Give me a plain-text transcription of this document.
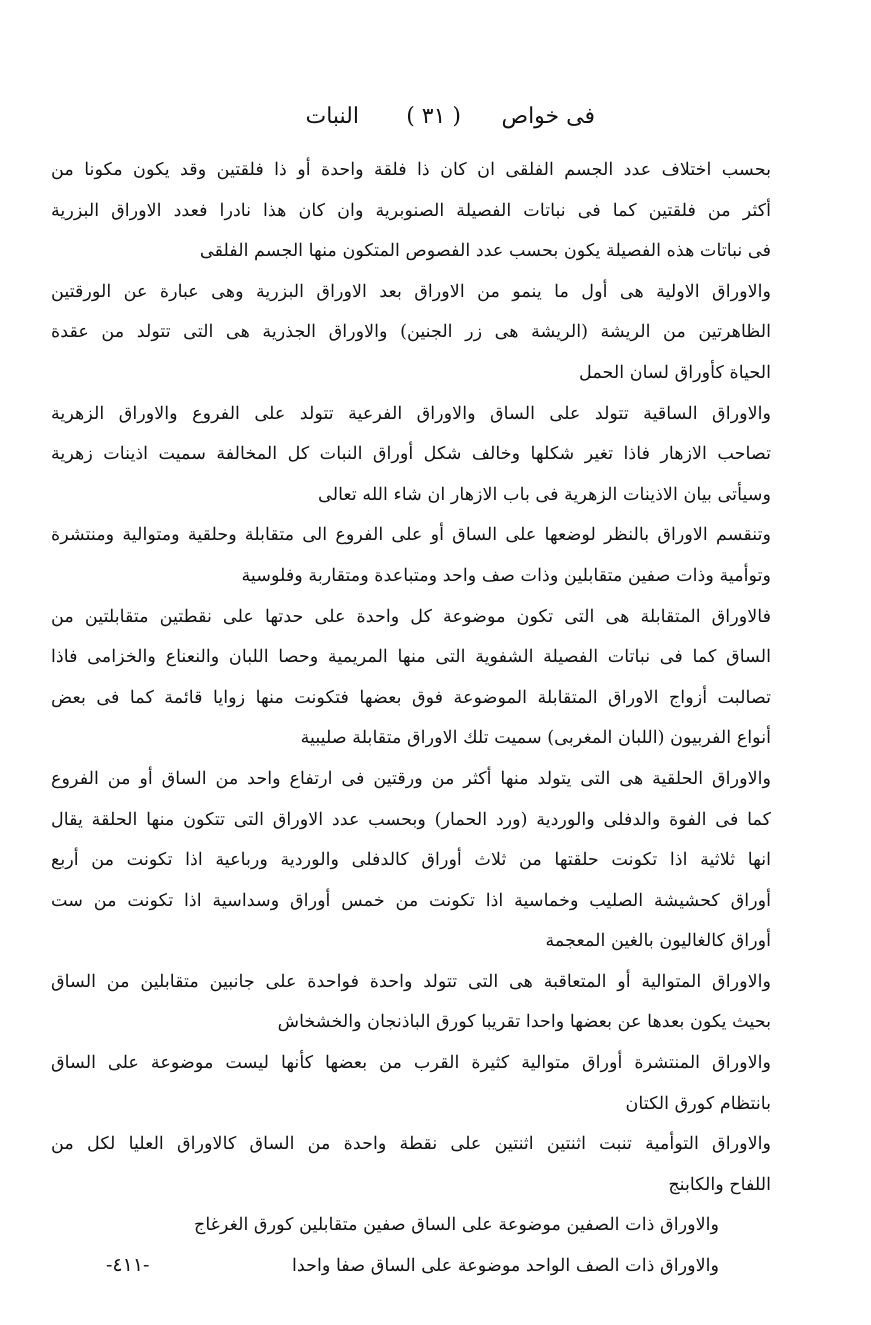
النبات ( ٣١ ) فى خواص
بحسب اختلاف عدد الجسم الفلقى ان كان ذا فلقة واحدة أو ذا فلقتين وقد يكون مكونا من
أكثر من فلقتين كما فى نباتات الفصيلة الصنوبرية وان كان هذا نادرا فعدد الاوراق البزرية
فى نباتات هذه الفصيلة يكون بحسب عدد الفصوص المتكون منها الجسم الفلقى
والاوراق الاولية هى أول ما ينمو من الاوراق بعد الاوراق البزرية وهى عبارة عن الورقتين
الظاهرتين من الريشة (الريشة هى زر الجنين) والاوراق الجذرية هى التى تتولد من عقدة
الحياة كأوراق لسان الحمل
والاوراق الساقية تتولد على الساق والاوراق الفرعية تتولد على الفروع والاوراق الزهرية
تصاحب الازهار فاذا تغير شكلها وخالف شكل أوراق النبات كل المخالفة سميت اذينات زهرية
وسيأتى بيان الاذينات الزهرية فى باب الازهار ان شاء الله تعالى
وتنقسم الاوراق بالنظر لوضعها على الساق أو على الفروع الى متقابلة وحلقية ومتوالية ومنتشرة
وتوأمية وذات صفين متقابلين وذات صف واحد ومتباعدة ومتقاربة وفلوسية
فالاوراق المتقابلة هى التى تكون موضوعة كل واحدة على حدتها على نقطتين متقابلتين من
الساق كما فى نباتات الفصيلة الشفوية التى منها المريمية وحصا اللبان والنعناع والخزامى فاذا
تصالبت أزواج الاوراق المتقابلة الموضوعة فوق بعضها فتكونت منها زوايا قائمة كما فى بعض
أنواع الفربيون (اللبان المغربى) سميت تلك الاوراق متقابلة صليبية
والاوراق الحلقية هى التى يتولد منها أكثر من ورقتين فى ارتفاع واحد من الساق أو من الفروع
كما فى الفوة والدفلى والوردية (ورد الحمار) وبحسب عدد الاوراق التى تتكون منها الحلقة يقال
انها ثلاثية اذا تكونت حلقتها من ثلاث أوراق كالدفلى والوردية ورباعية اذا تكونت من أربع
أوراق كحشيشة الصليب وخماسية اذا تكونت من خمس أوراق وسداسية اذا تكونت من ست
أوراق كالغاليون بالغين المعجمة
والاوراق المتوالية أو المتعاقبة هى التى تتولد واحدة فواحدة على جانبين متقابلين من الساق
بحيث يكون بعدها عن بعضها واحدا تقريبا كورق الباذنجان والخشخاش
والاوراق المنتشرة أوراق متوالية كثيرة القرب من بعضها كأنها ليست موضوعة على الساق
بانتظام كورق الكتان
والاوراق التوأمية تنبت اثنتين اثنتين على نقطة واحدة من الساق كالاوراق العليا لكل من
اللفاح والكابنج
والاوراق ذات الصفين موضوعة على الساق صفين متقابلين كورق الغرغاج
والاوراق ذات الصف الواحد موضوعة على الساق صفا واحدا
-٤١١-
